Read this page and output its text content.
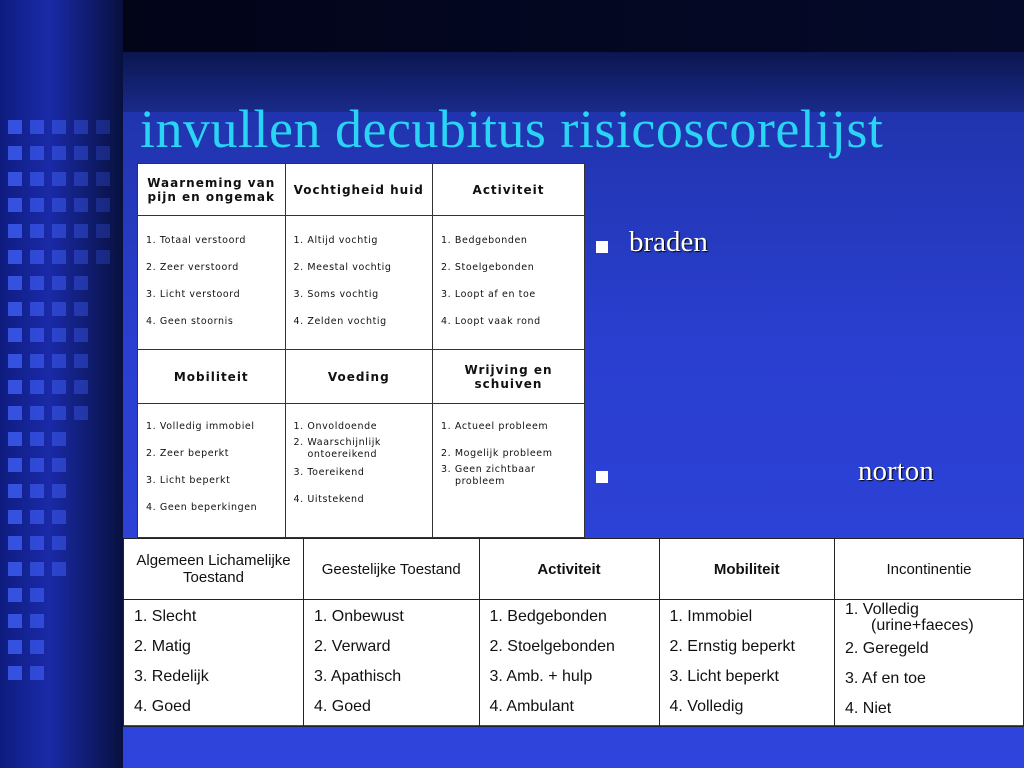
invullen decubitus risicoscorelijst
Waarneming van pijn en ongemak	Vochtigheid huid	Activiteit

1. Totaal verstoord
2. Zeer verstoord
3. Licht verstoord
4. Geen stoornis	1. Altijd vochtig
2. Meestal vochtig
3. Soms vochtig
4. Zelden vochtig	1. Bedgebonden
2. Stoelgebonden
3. Loopt af en toe
4. Loopt vaak rond

Mobiliteit	Voeding	Wrijving en schuiven

1. Volledig immobiel
2. Zeer beperkt
3. Licht beperkt
4. Geen beperkingen	1. Onvoldoende
2. Waarschijnlijk
ontoereikend
3. Toereikend
4. Uitstekend	1. Actueel probleem
2. Mogelijk probleem
3. Geen zichtbaar
probleem
braden
norton
Algemeen Lichamelijke Toestand	Geestelijke Toestand	Activiteit	Mobiliteit	Incontinentie

1. Slecht
2. Matig
3. Redelijk
4. Goed	1. Onbewust
2. Verward
3. Apathisch
4. Goed	1. Bedgebonden
2. Stoelgebonden
3. Amb. + hulp
4. Ambulant	1. Immobiel
2. Ernstig beperkt
3. Licht beperkt
4. Volledig	1. Volledig
(urine+faeces)
2. Geregeld
3. Af en toe
4. Niet
